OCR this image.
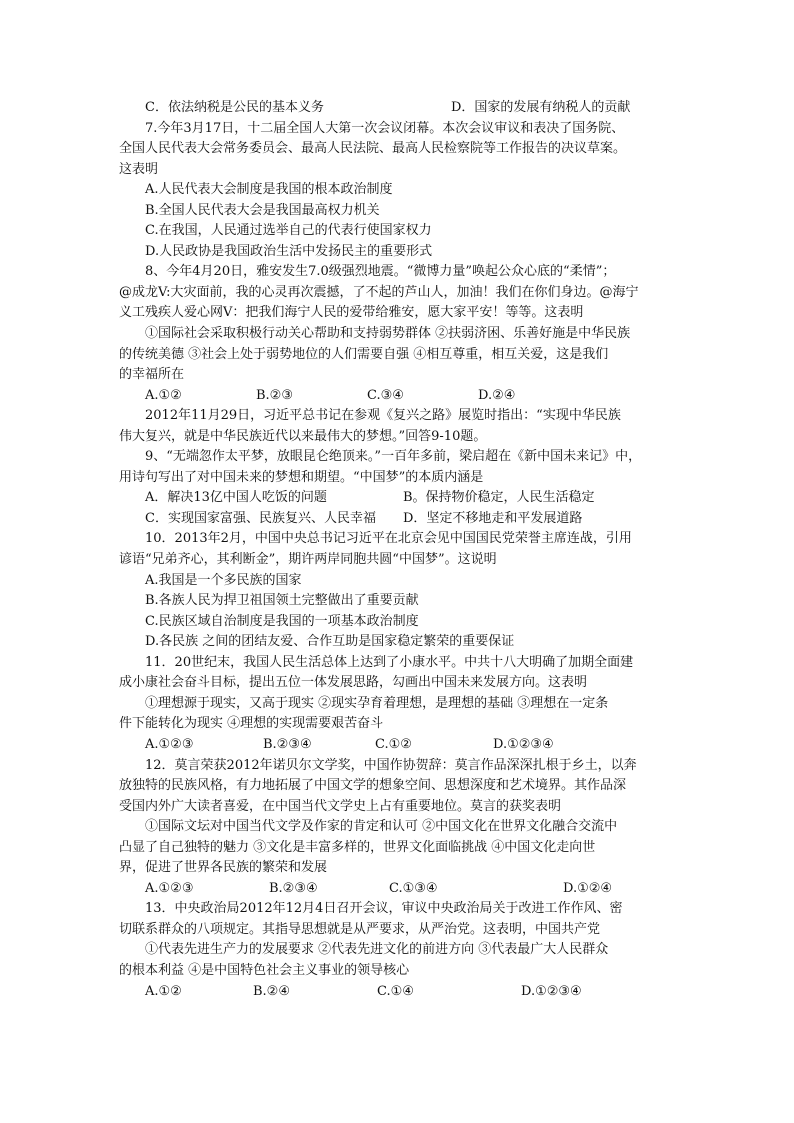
C．依法纳税是公民的基本义务	D．国家的发展有纳税人的贡献
7.今年3月17日，十二届全国人大第一次会议闭幕。本次会议审议和表决了国务院、
全国人民代表大会常务委员会、最高人民法院、最高人民检察院等工作报告的决议草案。
这表明
A.人民代表大会制度是我国的根本政治制度
B.全国人民代表大会是我国最高权力机关
C.在我国，人民通过选举自己的代表行使国家权力
D.人民政协是我国政治生活中发扬民主的重要形式
8、今年4月20日，雅安发生7.0级强烈地震。“微博力量”唤起公众心底的“柔情”；
@成龙V:大灾面前，我的心灵再次震撼，了不起的芦山人，加油！我们在你们身边。@海宁
义工残疾人爱心网V：把我们海宁人民的爱带给雅安，愿大家平安！等等。这表明
①国际社会采取积极行动关心帮助和支持弱势群体 ②扶弱济困、乐善好施是中华民族
的传统美德 ③社会上处于弱势地位的人们需要自强 ④相互尊重，相互关爱，这是我们
的幸福所在
A.①②	B.②③	C.③④	D.②④
2012年11月29日，习近平总书记在参观《复兴之路》展览时指出：“实现中华民族
伟大复兴，就是中华民族近代以来最伟大的梦想。”回答9-10题。
9、“无端忽作太平梦，放眼昆仑绝顶来。”一百年多前，梁启超在《新中国未来记》中，
用诗句写出了对中国未来的梦想和期望。“中国梦”的本质内涵是
A．解决13亿中国人吃饭的问题	B。保持物价稳定，人民生活稳定
C．实现国家富强、民族复兴、人民幸福	D．坚定不移地走和平发展道路
10．2013年2月，中国中央总书记习近平在北京会见中国国民党荣誉主席连战，引用
谚语“兄弟齐心，其利断金”，期许两岸同胞共圆“中国梦”。这说明
A.我国是一个多民族的国家
B.各族人民为捍卫祖国领土完整做出了重要贡献
C.民族区域自治制度是我国的一项基本政治制度
D.各民族 之间的团结友爱、合作互助是国家稳定繁荣的重要保证
11．20世纪末，我国人民生活总体上达到了小康水平。中共十八大明确了加期全面建
成小康社会奋斗目标，提出五位一体发展思路，勾画出中国未来发展方向。这表明
①理想源于现实，又高于现实 ②现实孕育着理想，是理想的基础 ③理想在一定条
件下能转化为现实 ④理想的实现需要艰苦奋斗
A.①②③	B.②③④	C.①②	D.①②③④
12．莫言荣获2012年诺贝尔文学奖，中国作协贺辞：莫言作品深深扎根于乡土，以奔
放独特的民族风格，有力地拓展了中国文学的想象空间、思想深度和艺术境界。其作品深
受国内外广大读者喜爱，在中国当代文学史上占有重要地位。莫言的获奖表明
①国际文坛对中国当代文学及作家的肯定和认可 ②中国文化在世界文化融合交流中
凸显了自己独特的魅力 ③文化是丰富多样的，世界文化面临挑战 ④中国文化走向世
界，促进了世界各民族的繁荣和发展
A.①②③	B.②③④	C.①③④	D.①②④
13．中央政治局2012年12月4日召开会议，审议中央政治局关于改进工作作风、密
切联系群众的八项规定。其指导思想就是从严要求，从严治党。这表明，中国共产党
①代表先进生产力的发展要求 ②代表先进文化的前进方向 ③代表最广大人民群众
的根本利益 ④是中国特色社会主义事业的领导核心
A.①②	B.②④	C.①④	D.①②③④
